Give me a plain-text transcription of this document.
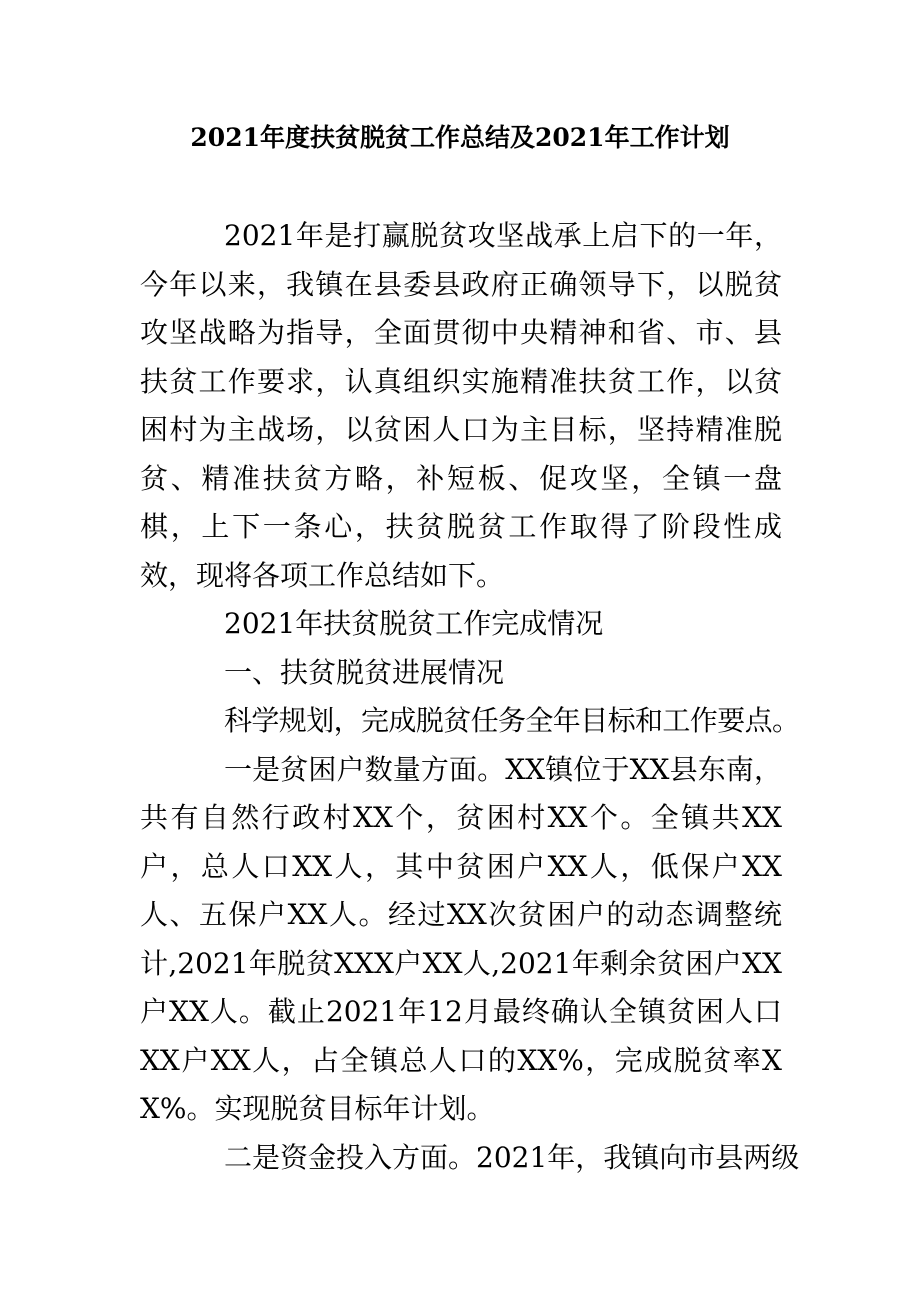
2021年度扶贫脱贫工作总结及2021年工作计划

2021年是打赢脱贫攻坚战承上启下的一年，今年以来，我镇在县委县政府正确领导下，以脱贫攻坚战略为指导，全面贯彻中央精神和省、市、县扶贫工作要求，认真组织实施精准扶贫工作，以贫困村为主战场，以贫困人口为主目标，坚持精准脱贫、精准扶贫方略，补短板、促攻坚，全镇一盘棋，上下一条心，扶贫脱贫工作取得了阶段性成效，现将各项工作总结如下。

2021年扶贫脱贫工作完成情况

一、扶贫脱贫进展情况

科学规划，完成脱贫任务全年目标和工作要点。

一是贫困户数量方面。XX镇位于XX县东南，共有自然行政村XX个，贫困村XX个。全镇共XX户，总人口XX人，其中贫困户XX人，低保户XX人、五保户XX人。经过XX次贫困户的动态调整统计,2021年脱贫XXX户XX人,2021年剩余贫困户XX户XX人。截止2021年12月最终确认全镇贫困人口XX户XX人，占全镇总人口的XX%，完成脱贫率XX%。实现脱贫目标年计划。

二是资金投入方面。2021年，我镇向市县两级
